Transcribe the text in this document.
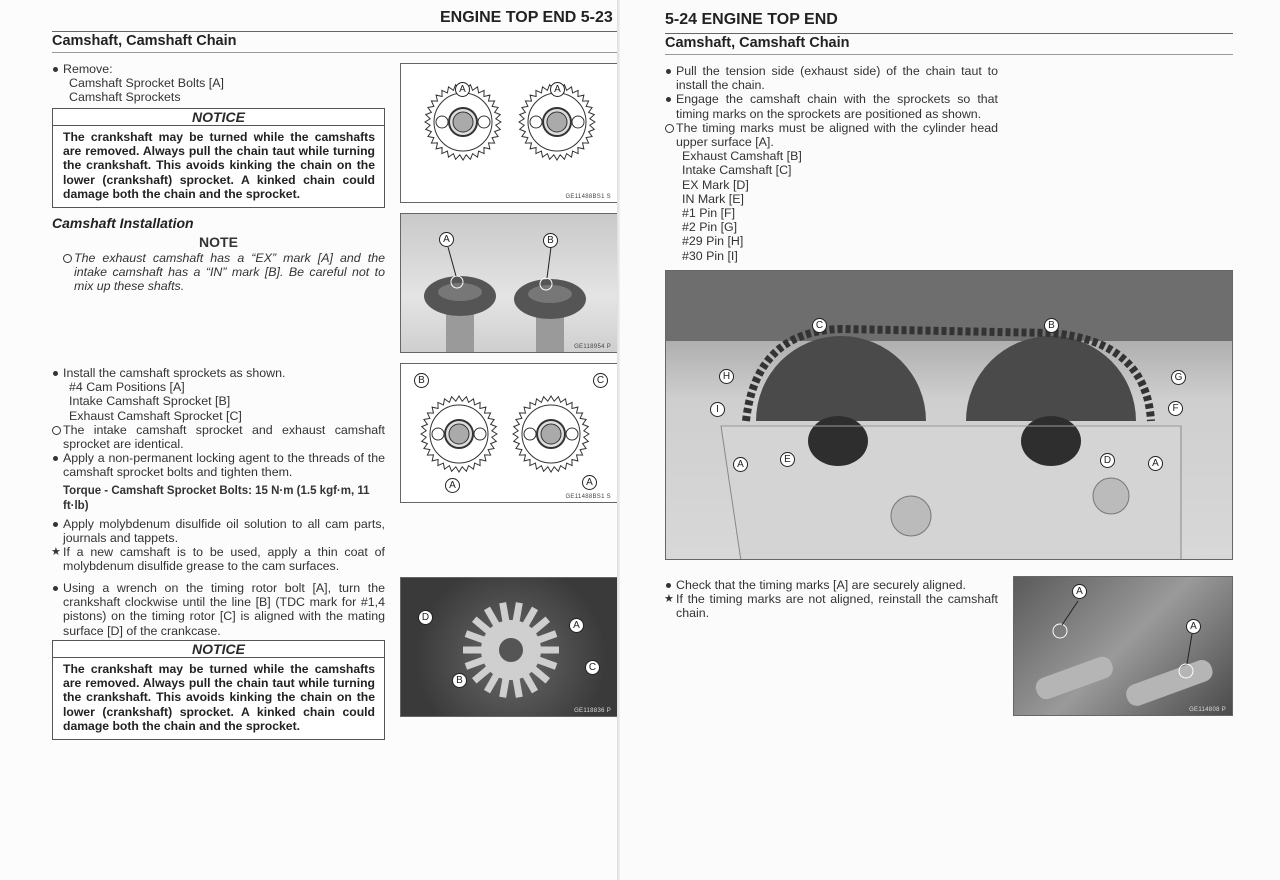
ENGINE TOP END 5-23
Camshaft, Camshaft Chain

Remove:

Camshaft Sprocket Bolts [A]

Camshaft Sprockets

NOTICE
The crankshaft may be turned while the camshafts are removed. Always pull the chain taut while turning the crankshaft. This avoids kinking the chain on the lower (crankshaft) sprocket. A kinked chain could damage both the chain and the sprocket.
Camshaft Installation
NOTE

The exhaust camshaft has a “EX” mark [A] and the intake camshaft has a “IN” mark [B]. Be careful not to mix up these shafts.

Install the camshaft sprockets as shown.

#4 Cam Positions [A]

Intake Camshaft Sprocket [B]

Exhaust Camshaft Sprocket [C]

The intake camshaft sprocket and exhaust camshaft sprocket are identical.

Apply a non-permanent locking agent to the threads of the camshaft sprocket bolts and tighten them.

Torque - Camshaft Sprocket Bolts: 15 N·m (1.5 kgf·m, 11 ft·lb)

Apply molybdenum disulfide oil solution to all cam parts, journals and tappets.

★ If a new camshaft is to be used, apply a thin coat of molybdenum disulfide grease to the cam surfaces.

Using a wrench on the timing rotor bolt [A], turn the crankshaft clockwise until the line [B] (TDC mark for #1,4 pistons) on the timing rotor [C] is aligned with the mating surface [D] of the crankcase.

NOTICE
The crankshaft may be turned while the camshafts are removed. Always pull the chain taut while turning the crankshaft. This avoids kinking the chain on the lower (crankshaft) sprocket. A kinked chain could damage both the chain and the sprocket.
A	A
GE11488BS1 S
A	B
GE118954 P
B	C
A	A
GE11488BS1 S
D
A
C
B
GE118836 P
5-24 ENGINE TOP END
Camshaft, Camshaft Chain

Pull the tension side (exhaust side) of the chain taut to install the chain.

Engage the camshaft chain with the sprockets so that timing marks on the sprockets are positioned as shown.

The timing marks must be aligned with the cylinder head upper surface [A].

Exhaust Camshaft [B]

Intake Camshaft [C]

EX Mark [D]

IN Mark [E]

#1 Pin [F]

#2 Pin [G]

#29 Pin [H]

#30 Pin [I]

C	B
H	G
I	F
A	E	D	A
GE118955 P

Check that the timing marks [A] are securely aligned.

★ If the timing marks are not aligned, reinstall the camshaft chain.

A
A
GE114808 P
